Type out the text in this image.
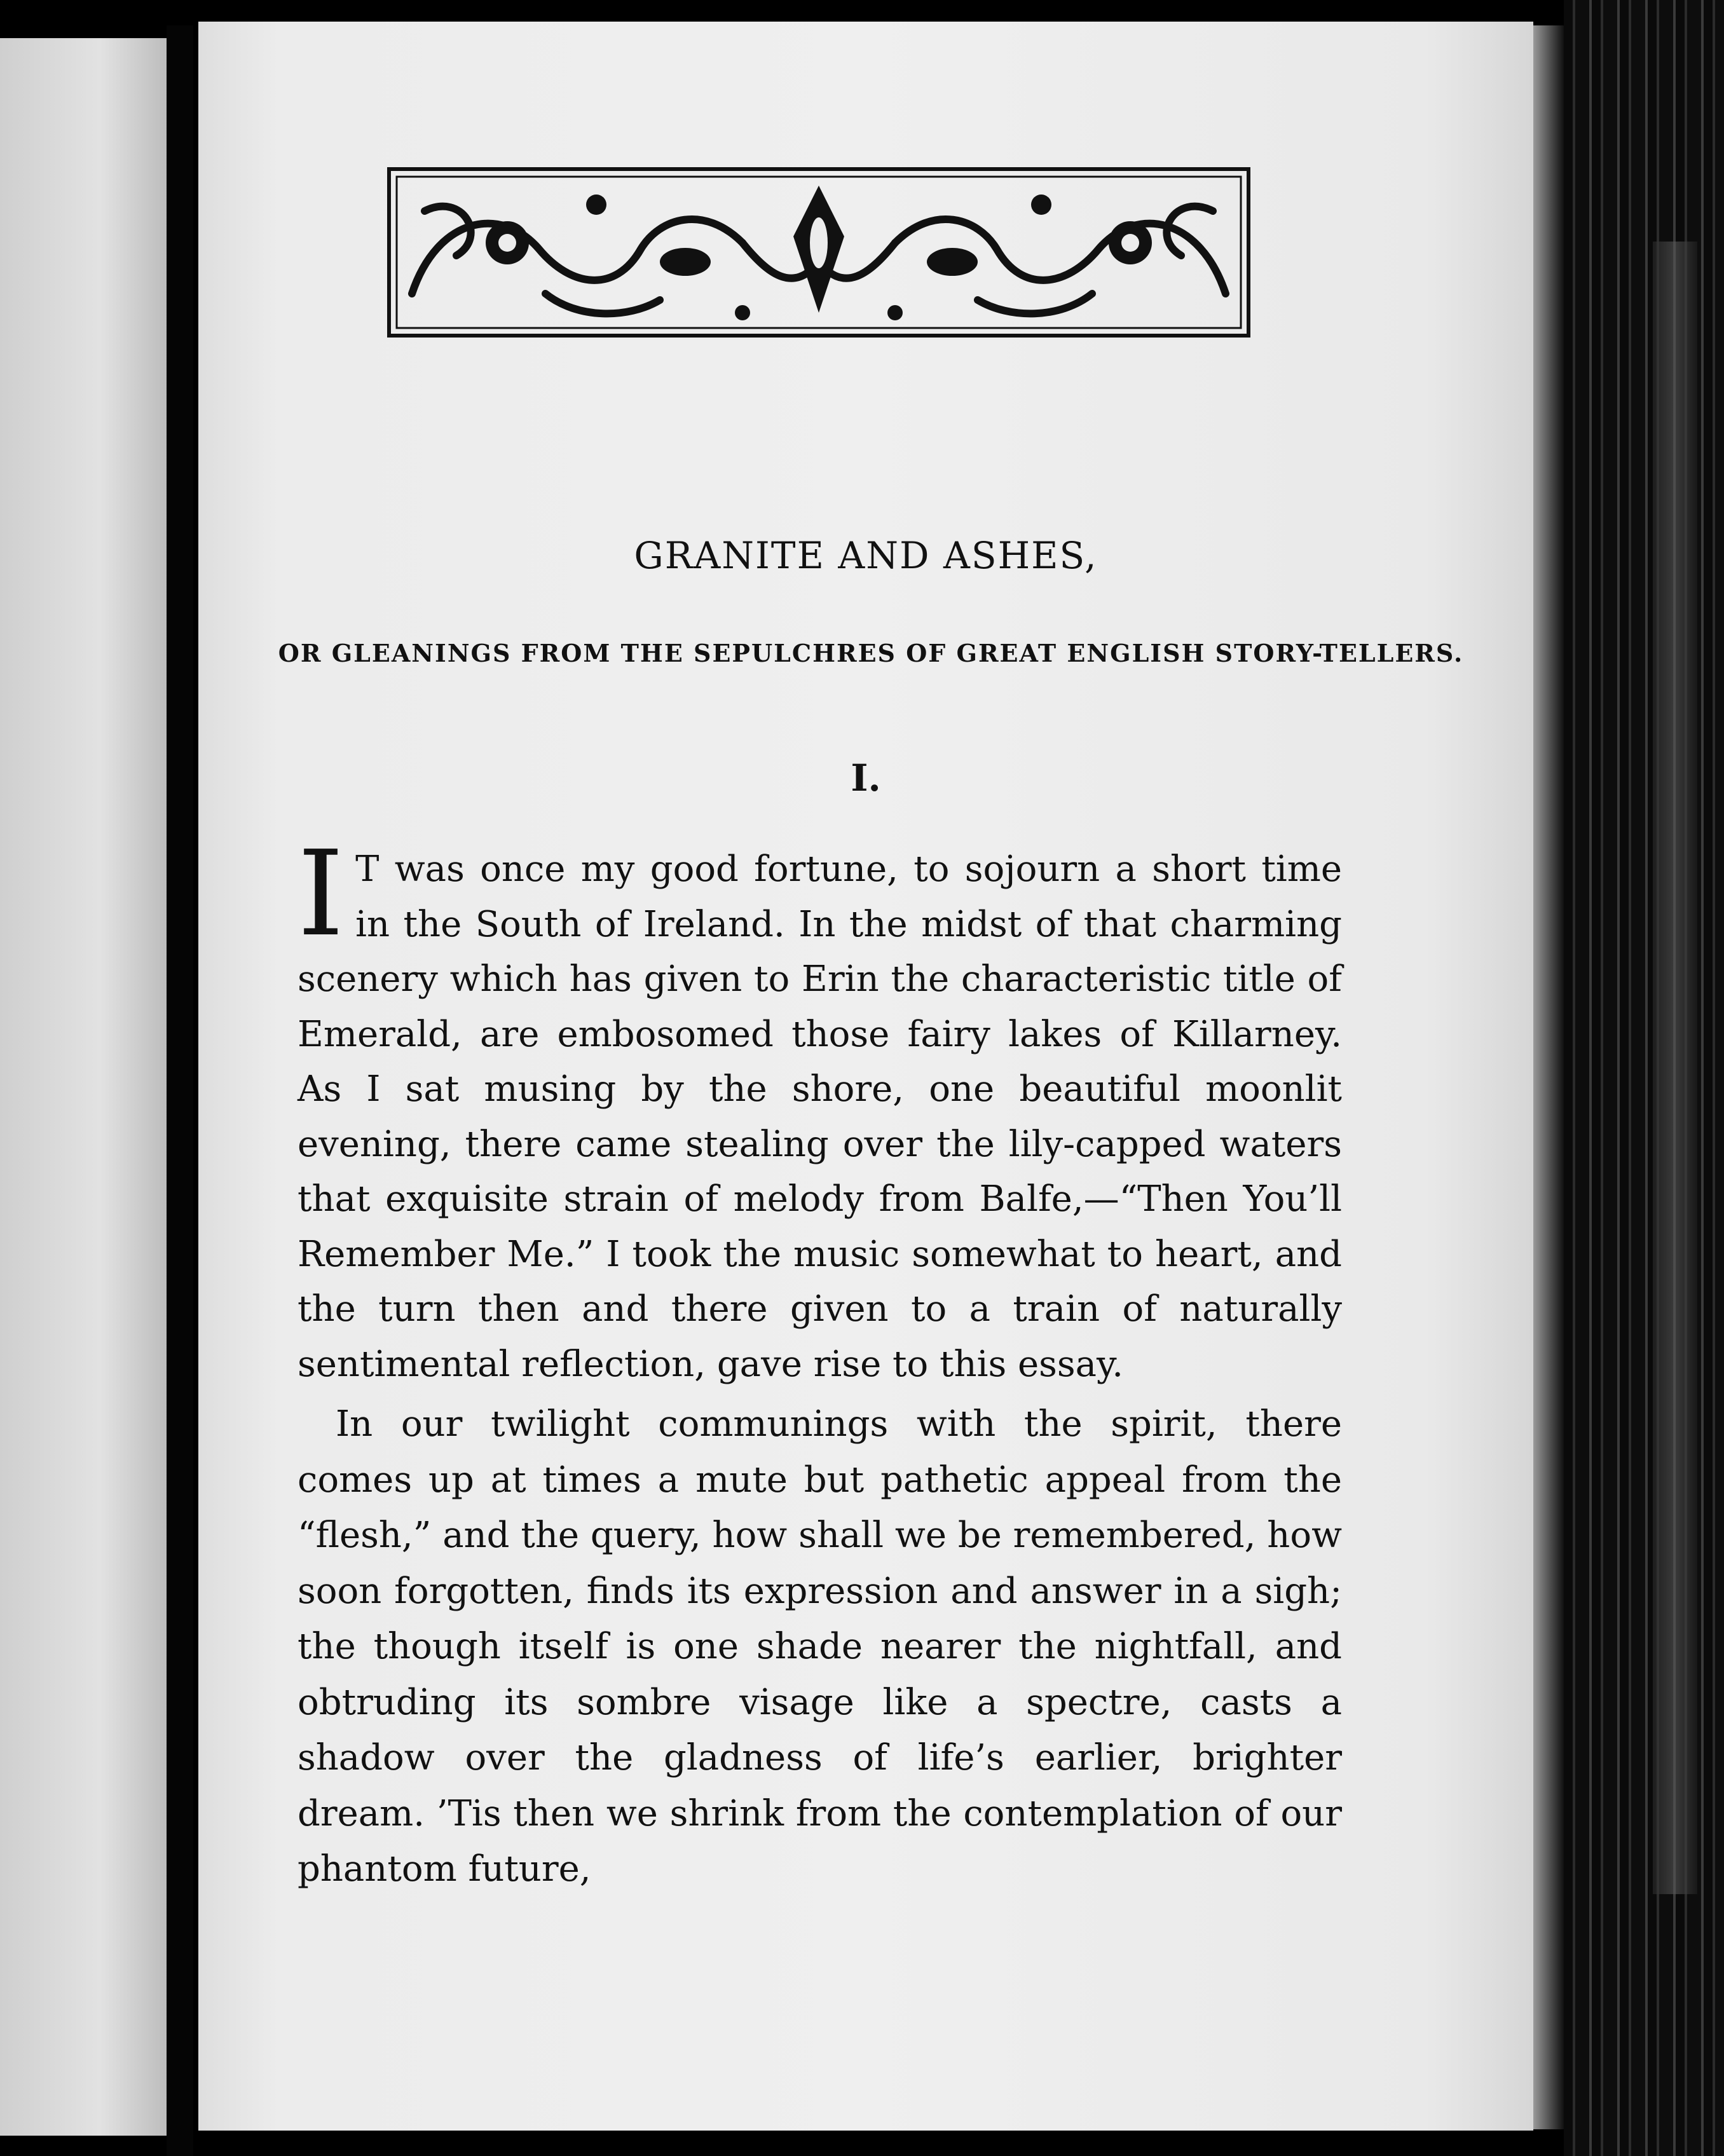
GRANITE AND ASHES,
OR GLEANINGS FROM THE SEPULCHRES OF GREAT ENGLISH STORY-TELLERS.
I.

I T was once my good fortune, to sojourn a short time in the South of Ireland. In the midst of that charming scenery which has given to Erin the characteristic title of Emerald, are embosomed those fairy lakes of Killarney. As I sat musing by the shore, one beautiful moonlit evening, there came stealing over the lily-capped waters that exquisite strain of melody from Balfe,—“Then You’ll Remember Me.” I took the music somewhat to heart, and the turn then and there given to a train of naturally sentimental reflection, gave rise to this essay.

In our twilight communings with the spirit, there comes up at times a mute but pathetic appeal from the “flesh,” and the query, how shall we be remembered, how soon forgotten, finds its expression and answer in a sigh; the though itself is one shade nearer the nightfall, and obtruding its sombre visage like a spectre, casts a shadow over the gladness of life’s earlier, brighter dream. ’Tis then we shrink from the contemplation of our phantom future,
